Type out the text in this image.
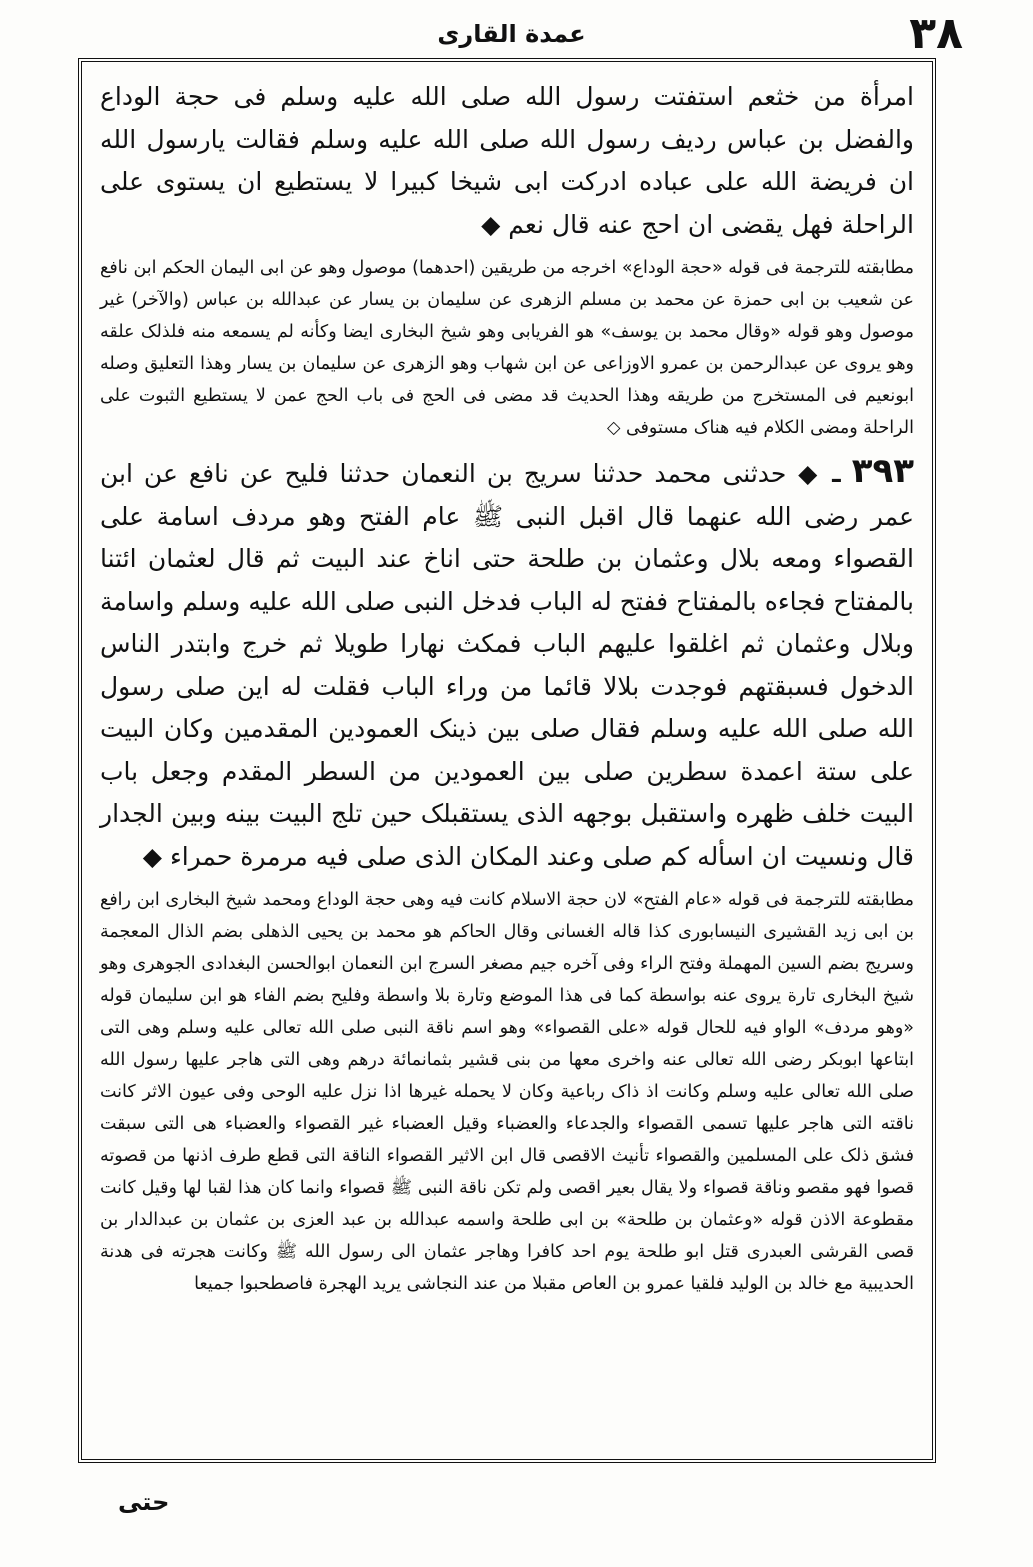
٣٨
عمدة القاری

امرأة من خثعم استفتت رسول الله صلی الله علیه وسلم فی حجة الوداع والفضل بن عباس ردیف رسول الله صلی الله علیه وسلم فقالت یارسول الله ان فریضة الله علی عباده ادرکت ابی شیخا کبیرا لا یستطیع ان یستوی علی الراحلة فهل یقضی ان احج عنه قال نعم ◆

مطابقته للترجمة فی قوله «حجة الوداع» اخرجه من طریقین (احدهما) موصول وهو عن ابی الیمان الحکم ابن نافع عن شعیب بن ابی حمزة عن محمد بن مسلم الزهری عن سلیمان بن یسار عن عبدالله بن عباس (والآخر) غیر موصول وهو قوله «وقال محمد بن یوسف» هو الفریابی وهو شیخ البخاری ایضا وکأنه لم یسمعه منه فلذلک علقه وهو یروی عن عبدالرحمن بن عمرو الاوزاعی عن ابن شهاب وهو الزهری عن سلیمان بن یسار وهذا التعلیق وصله ابونعیم فی المستخرج من طریقه وهذا الحدیث قد مضی فی الحج فی باب الحج عمن لا یستطیع الثبوت علی الراحلة ومضی الکلام فیه هناک مستوفی ◇

٣٩٣ ـ ◆ حدثنی محمد حدثنا سریج بن النعمان حدثنا فلیح عن نافع عن ابن عمر رضی الله عنهما قال اقبل النبی ﷺ عام الفتح وهو مردف اسامة علی القصواء ومعه بلال وعثمان بن طلحة حتی اناخ عند البیت ثم قال لعثمان ائتنا بالمفتاح فجاءه بالمفتاح ففتح له الباب فدخل النبی صلی الله علیه وسلم واسامة وبلال وعثمان ثم اغلقوا علیهم الباب فمکث نهارا طویلا ثم خرج وابتدر الناس الدخول فسبقتهم فوجدت بلالا قائما من وراء الباب فقلت له این صلی رسول الله صلی الله علیه وسلم فقال صلی بین ذینک العمودین المقدمین وکان البیت علی ستة اعمدة سطرین صلی بین العمودین من السطر المقدم وجعل باب البیت خلف ظهره واستقبل بوجهه الذی یستقبلک حین تلج البیت بینه وبین الجدار قال ونسیت ان اسأله کم صلی وعند المکان الذی صلی فیه مرمرة حمراء ◆

مطابقته للترجمة فی قوله «عام الفتح» لان حجة الاسلام کانت فیه وهی حجة الوداع ومحمد شیخ البخاری ابن رافع بن ابی زید القشیری النیسابوری کذا قاله الغسانی وقال الحاکم هو محمد بن یحیی الذهلی بضم الذال المعجمة وسریج بضم السین المهملة وفتح الراء وفی آخره جیم مصغر السرج ابن النعمان ابوالحسن البغدادی الجوهری وهو شیخ البخاری تارة یروی عنه بواسطة کما فی هذا الموضع وتارة بلا واسطة وفلیح بضم الفاء هو ابن سلیمان قوله «وهو مردف» الواو فیه للحال قوله «علی القصواء» وهو اسم ناقة النبی صلی الله تعالی علیه وسلم وهی التی ابتاعها ابوبکر رضی الله تعالی عنه واخری معها من بنی قشیر بثمانمائة درهم وهی التی هاجر علیها رسول الله صلی الله تعالی علیه وسلم وکانت اذ ذاک رباعیة وکان لا یحمله غیرها اذا نزل علیه الوحی وفی عیون الاثر کانت ناقته التی هاجر علیها تسمی القصواء والجدعاء والعضباء وقیل العضباء غیر القصواء والعضباء هی التی سبقت فشق ذلک علی المسلمین والقصواء تأنیث الاقصی قال ابن الاثیر القصواء الناقة التی قطع طرف اذنها من قصوته قصوا فهو مقصو وناقة قصواء ولا یقال بعیر اقصی ولم تکن ناقة النبی ﷺ قصواء وانما کان هذا لقبا لها وقیل کانت مقطوعة الاذن قوله «وعثمان بن طلحة» بن ابی طلحة واسمه عبدالله بن عبد العزی بن عثمان بن عبدالدار بن قصی القرشی العبدری قتل ابو طلحة یوم احد کافرا وهاجر عثمان الی رسول الله ﷺ وکانت هجرته فی هدنة الحدیبیة مع خالد بن الولید فلقیا عمرو بن العاص مقبلا من عند النجاشی یرید الهجرة فاصطحبوا جمیعا

حتی
